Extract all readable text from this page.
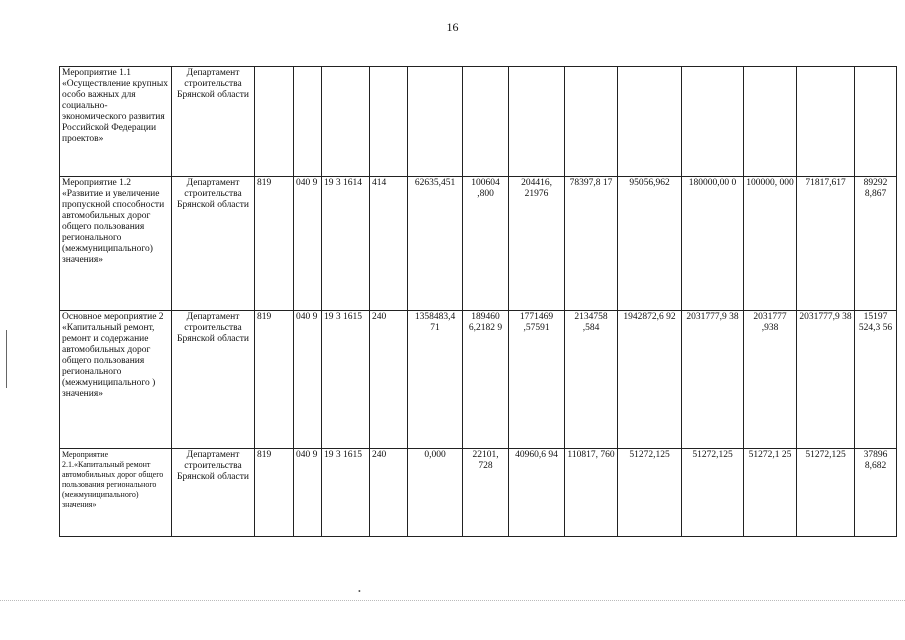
16
Мероприятие 1.1 «Осуществление крупных особо важных для социально-экономического развития Российской Федерации проектов»	Департамент строительства Брянской области													
Мероприятие 1.2 «Развитие и увеличение пропускной способности автомобильных дорог общего пользования регионального (межмуниципального) значения»	Департамент строительства Брянской области	819	040 9	19 3 1614	414	62635,451	100604 ,800	204416, 21976	78397,8 17	95056,962	180000,00 0	100000, 000	71817,617	89292 8,867
Основное мероприятие 2 «Капитальный ремонт, ремонт и содержание автомобильных дорог общего пользования регионального (межмуниципального ) значения»	Департамент строительства Брянской области	819	040 9	19 3 1615	240	1358483,4 71	189460 6,2182 9	1771469 ,57591	2134758 ,584	1942872,6 92	2031777,9 38	2031777 ,938	2031777,9 38	15197 524,3 56
Мероприятие 2.1.«Капитальный ремонт автомобильных дорог общего пользования регионального (межмуниципального) значения»	Департамент строительства Брянской области	819	040 9	19 3 1615	240	0,000	22101, 728	40960,6 94	110817, 760	51272,125	51272,125	51272,1 25	51272,125	37896 8,682
•
